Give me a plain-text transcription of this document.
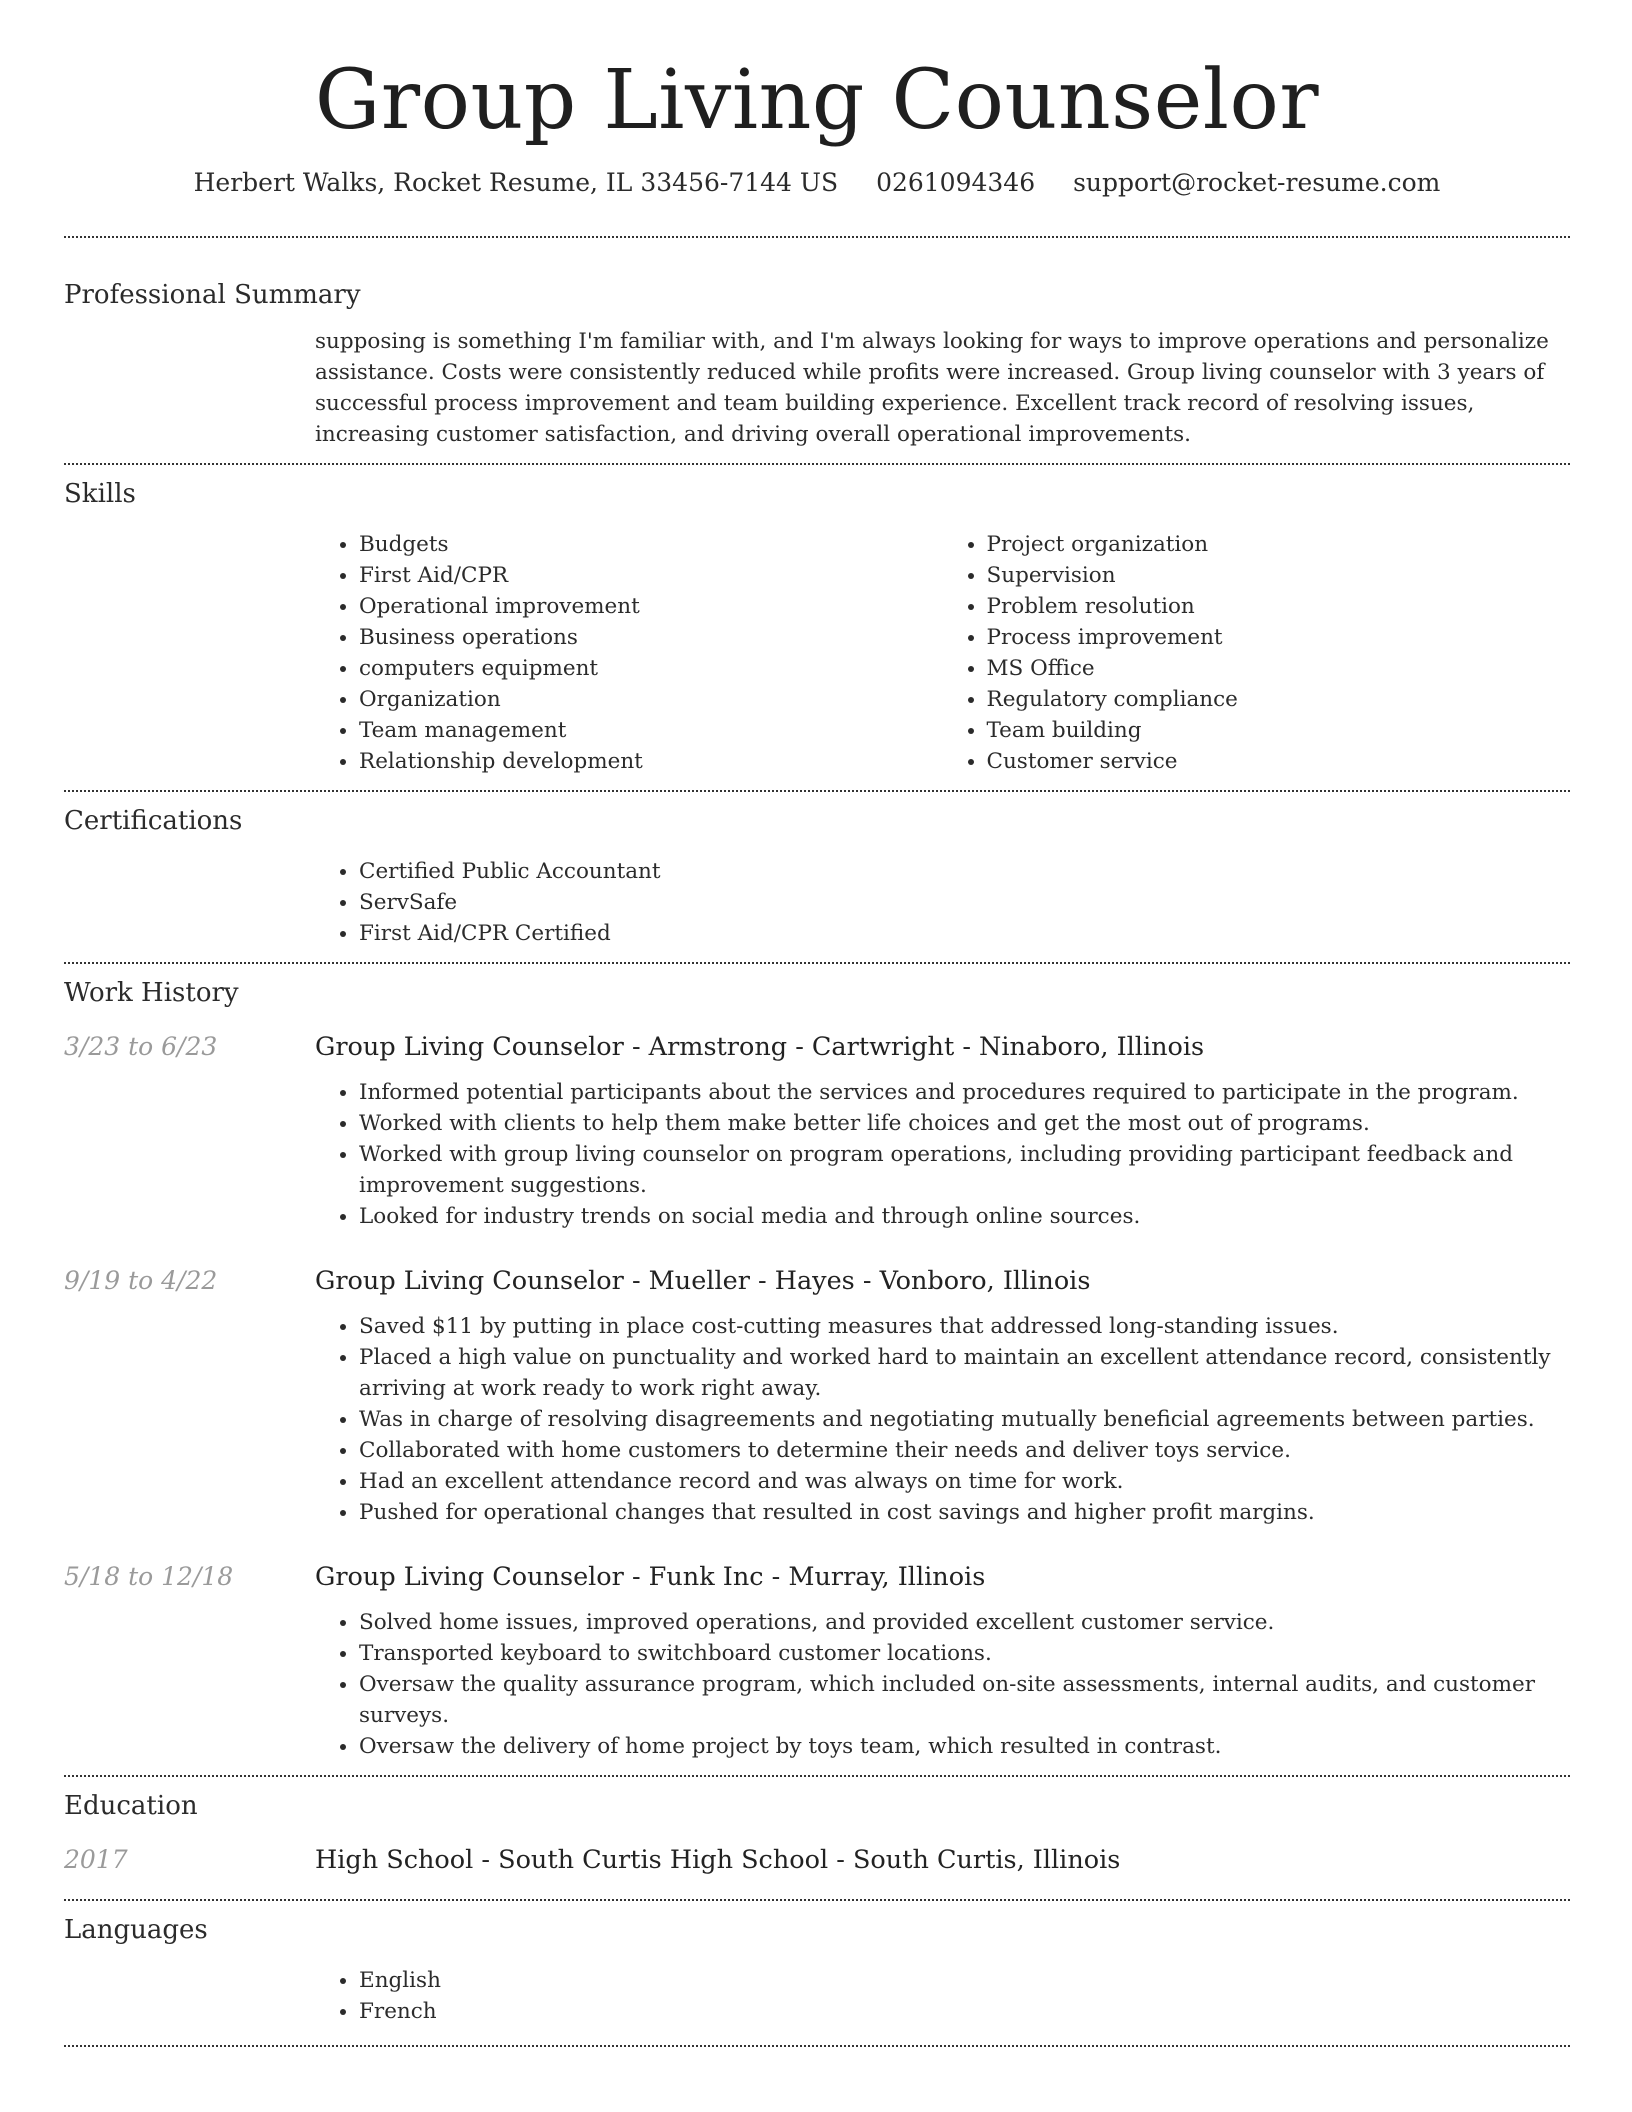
Group Living Counselor
Herbert Walks, Rocket Resume, IL 33456-7144 US 0261094346 support@rocket-resume.com
Professional Summary
supposing is something I'm familiar with, and I'm always looking for ways to improve operations and personalize assistance. Costs were consistently reduced while profits were increased. Group living counselor with 3 years of successful process improvement and team building experience. Excellent track record of resolving issues, increasing customer satisfaction, and driving overall operational improvements.
Skills
• Budgets
• First Aid/CPR
• Operational improvement
• Business operations
• computers equipment
• Organization
• Team management
• Relationship development
• Project organization
• Supervision
• Problem resolution
• Process improvement
• MS Office
• Regulatory compliance
• Team building
• Customer service
Certifications
• Certified Public Accountant
• ServSafe
• First Aid/CPR Certified
Work History
3/23 to 6/23	Group Living Counselor - Armstrong - Cartwright - Ninaboro, Illinois
• Informed potential participants about the services and procedures required to participate in the program.
• Worked with clients to help them make better life choices and get the most out of programs.
• Worked with group living counselor on program operations, including providing participant feedback and improvement suggestions.
• Looked for industry trends on social media and through online sources.
9/19 to 4/22	Group Living Counselor - Mueller - Hayes - Vonboro, Illinois
• Saved $11 by putting in place cost-cutting measures that addressed long-standing issues.
• Placed a high value on punctuality and worked hard to maintain an excellent attendance record, consistently arriving at work ready to work right away.
• Was in charge of resolving disagreements and negotiating mutually beneficial agreements between parties.
• Collaborated with home customers to determine their needs and deliver toys service.
• Had an excellent attendance record and was always on time for work.
• Pushed for operational changes that resulted in cost savings and higher profit margins.
5/18 to 12/18	Group Living Counselor - Funk Inc - Murray, Illinois
• Solved home issues, improved operations, and provided excellent customer service.
• Transported keyboard to switchboard customer locations.
• Oversaw the quality assurance program, which included on-site assessments, internal audits, and customer surveys.
• Oversaw the delivery of home project by toys team, which resulted in contrast.
Education
2017	High School - South Curtis High School - South Curtis, Illinois
Languages
• English
• French
